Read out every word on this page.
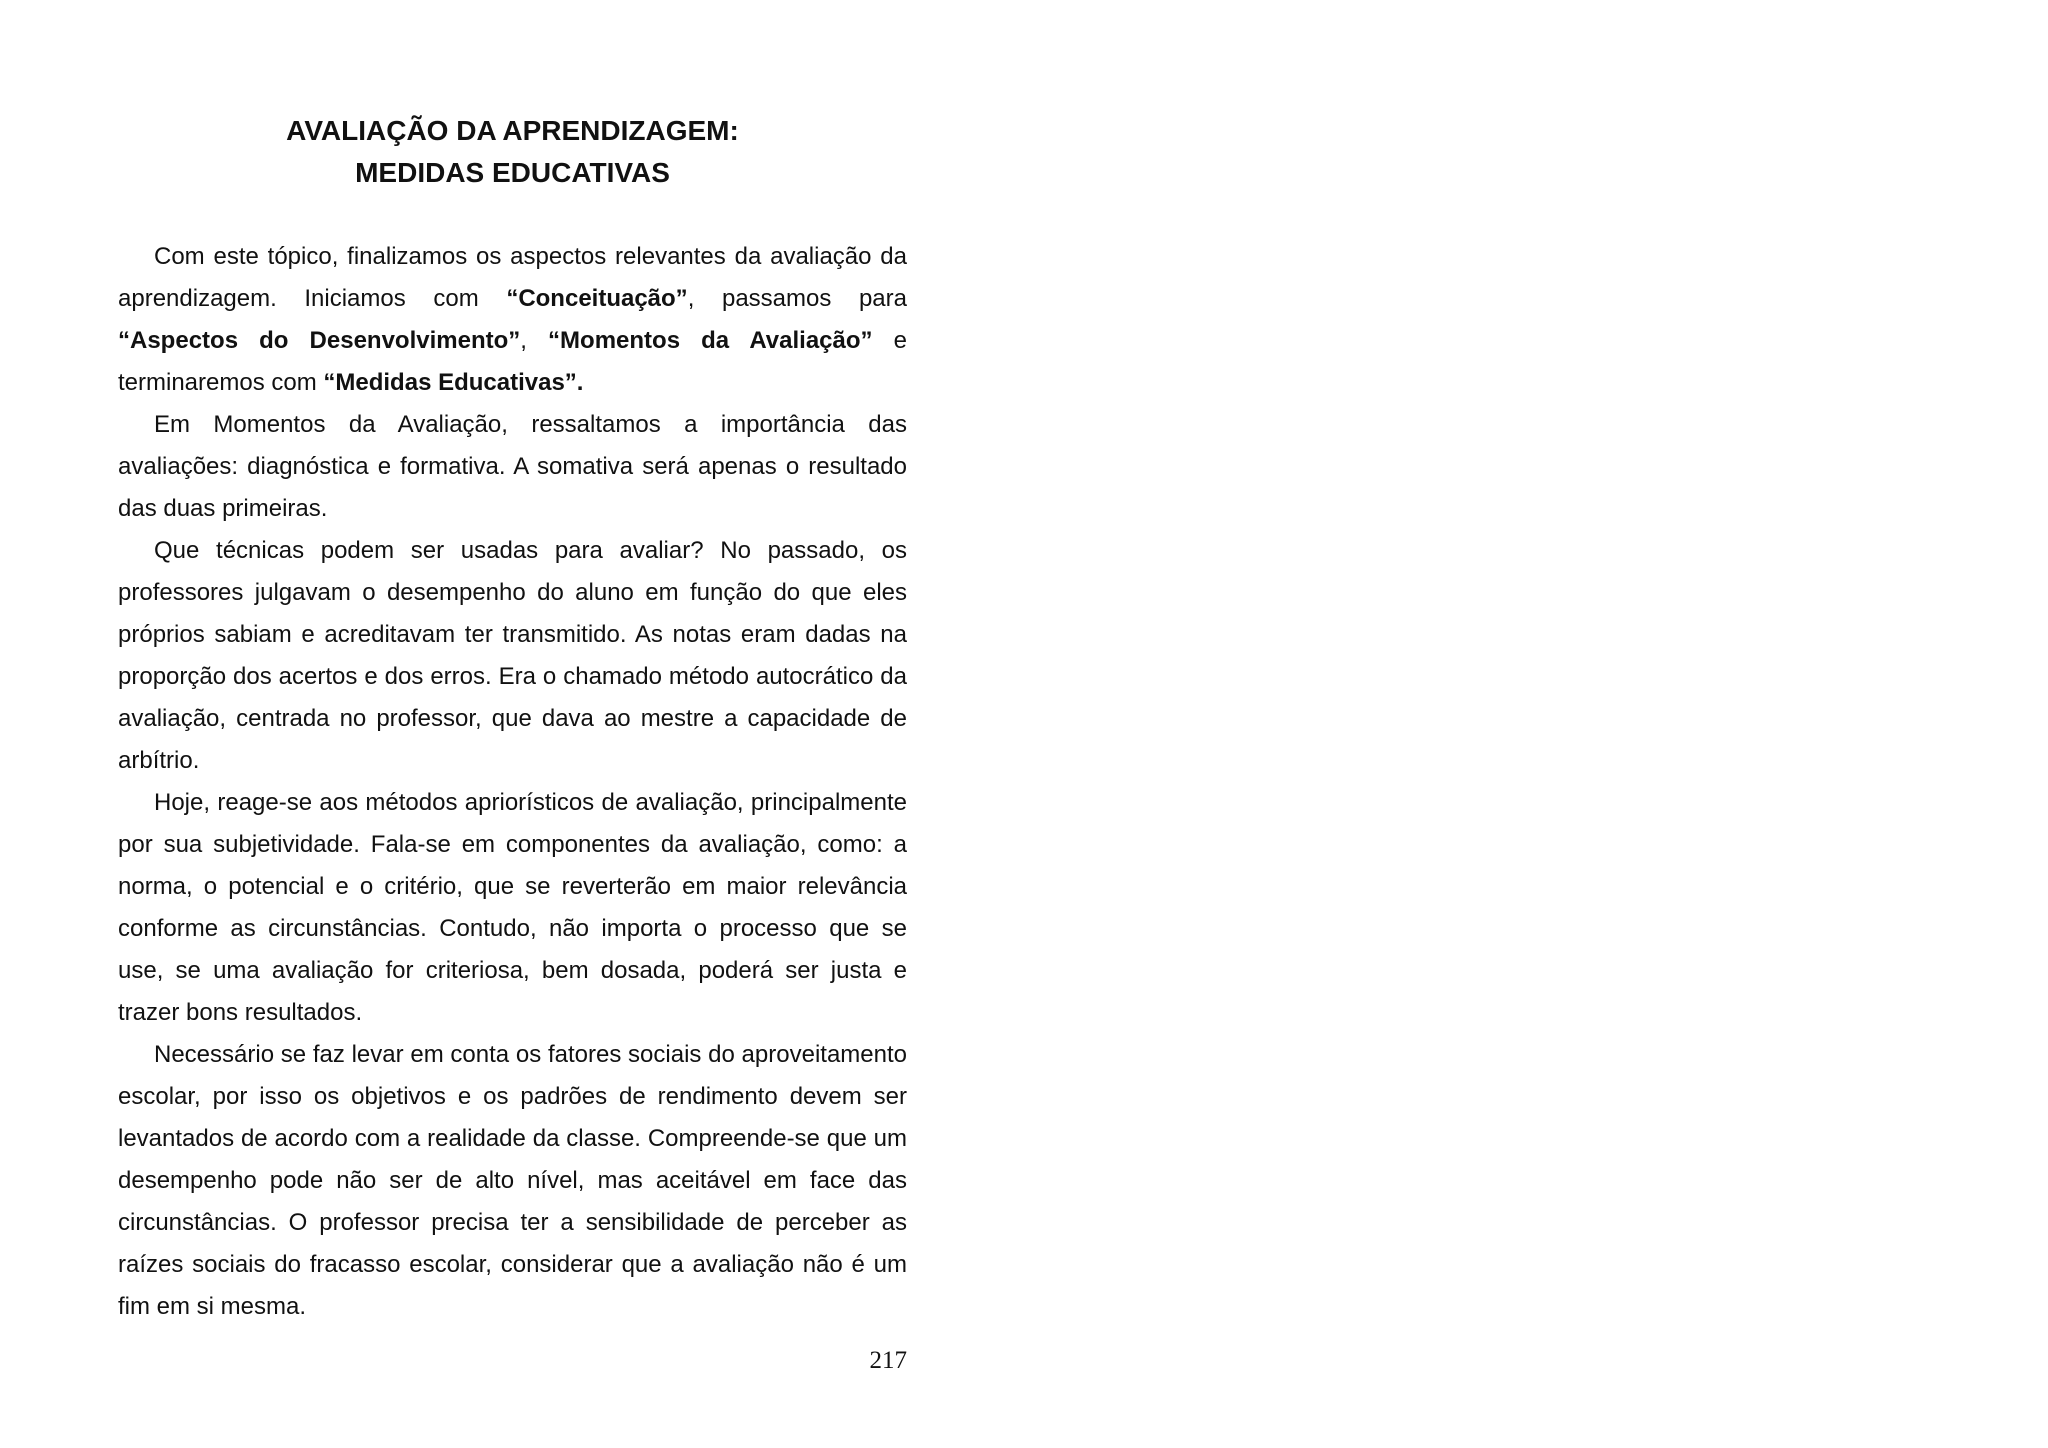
AVALIAÇÃO DA APRENDIZAGEM:
MEDIDAS EDUCATIVAS

Com este tópico, finalizamos os aspectos relevantes da avaliação da aprendizagem. Iniciamos com “Conceituação”, passamos para “Aspectos do Desenvolvimento”, “Momentos da Avaliação” e terminaremos com “Medidas Educativas”.

Em Momentos da Avaliação, ressaltamos a importância das avaliações: diagnóstica e formativa. A somativa será apenas o resultado das duas primeiras.

Que técnicas podem ser usadas para avaliar? No passado, os professores julgavam o desempenho do aluno em função do que eles próprios sabiam e acreditavam ter transmitido. As notas eram dadas na proporção dos acertos e dos erros. Era o chamado método autocrático da avaliação, centrada no professor, que dava ao mestre a capacidade de arbítrio.

Hoje, reage-se aos métodos apriorísticos de avaliação, principalmente por sua subjetividade. Fala-se em componentes da avaliação, como: a norma, o potencial e o critério, que se reverterão em maior relevância conforme as circunstâncias. Contudo, não importa o processo que se use, se uma avaliação for criteriosa, bem dosada, poderá ser justa e trazer bons resultados.

Necessário se faz levar em conta os fatores sociais do aproveitamento escolar, por isso os objetivos e os padrões de rendimento devem ser levantados de acordo com a realidade da classe. Compreende-se que um desempenho pode não ser de alto nível, mas aceitável em face das circunstâncias. O professor precisa ter a sensibilidade de perceber as raízes sociais do fracasso escolar, considerar que a avaliação não é um fim em si mesma.

217
